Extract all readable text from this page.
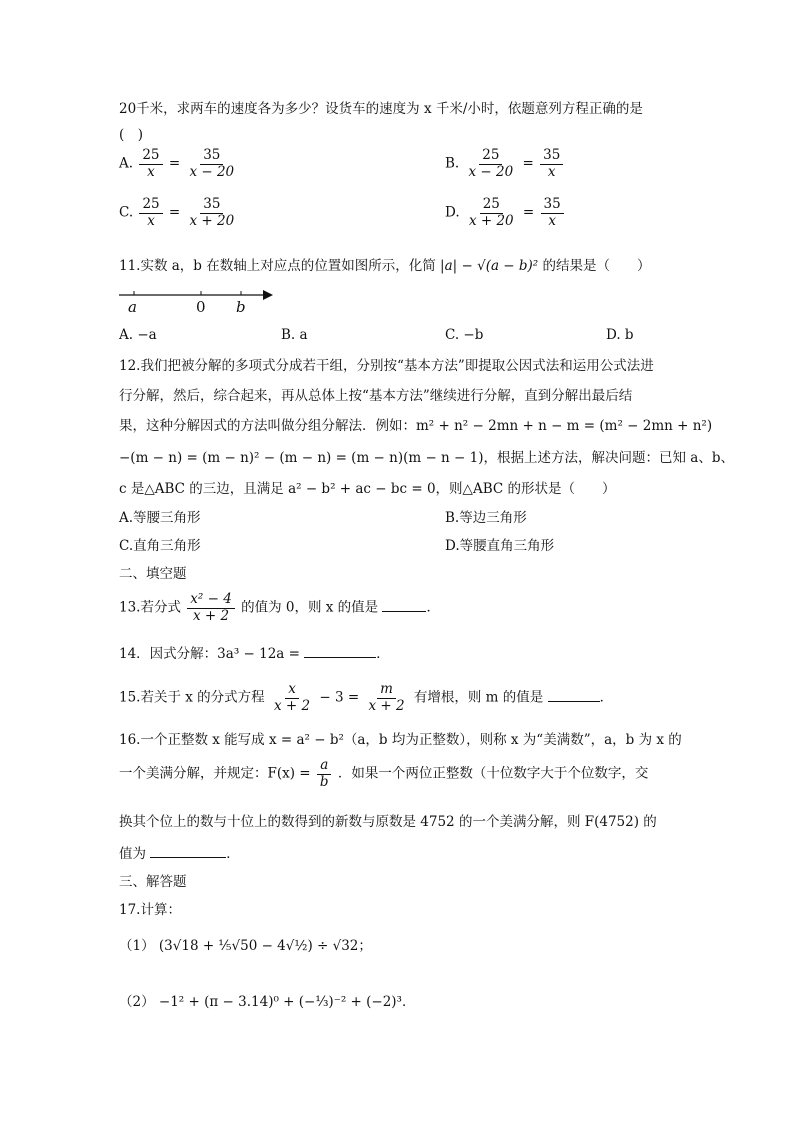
20千米，求两车的速度各为多少？设货车的速度为 x 千米/小时，依题意列方程正确的是
(　)
A. $\frac{25}{x} = \frac{35}{x - 20}$	B. $\frac{25}{x - 20} = \frac{35}{x}$
C. $\frac{25}{x} = \frac{35}{x + 20}$	D. $\frac{25}{x + 20} = \frac{35}{x}$
11.实数 a，b 在数轴上对应点的位置如图所示，化简 |a| − √(a − b)² 的结果是（　　）
a	0 b
A. −a	B. a	C. −b	D. b
12.我们把被分解的多项式分成若干组，分别按“基本方法”即提取公因式法和运用公式法进
行分解，然后，综合起来，再从总体上按“基本方法”继续进行分解，直到分解出最后结
果，这种分解因式的方法叫做分组分解法．例如：m² + n² − 2mn + n − m = (m² − 2mn + n²)
−(m − n) = (m − n)² − (m − n) = (m − n)(m − n − 1)，根据上述方法，解决问题：已知 a、b、
c 是△ABC 的三边，且满足 a² − b² + ac − bc = 0，则△ABC 的形状是（　　）
A.等腰三角形	B.等边三角形
C.直角三角形	D.等腰直角三角形
二、填空题
13.若分式 $\frac{\text{x² − 4}}{x + 2}$ 的值为 0，则 x 的值是	．
14．因式分解：3a³ − 12a =	．
15.若关于 x 的分式方程 $\frac{x}{x + 2} - 3 = \frac{m}{x + 2}$ 有增根，则 m 的值是	．
16.一个正整数 x 能写成 x = a² − b²（a，b 均为正整数），则称 x 为“美满数”，a，b 为 x 的
一个美满分解，并规定：$F(x) = \frac{a}{b}$ ．如果一个两位正整数（十位数字大于个位数字，交
换其个位上的数与十位上的数得到的新数与原数是 4752 的一个美满分解，则 F(4752) 的
值为	．
三、解答题
17.计算：
（1） (3√18 + ⅕√50 − 4√½) ÷ √32；
（2） −1² + (π − 3.14)⁰ + (−⅓)⁻² + (−2)³．
